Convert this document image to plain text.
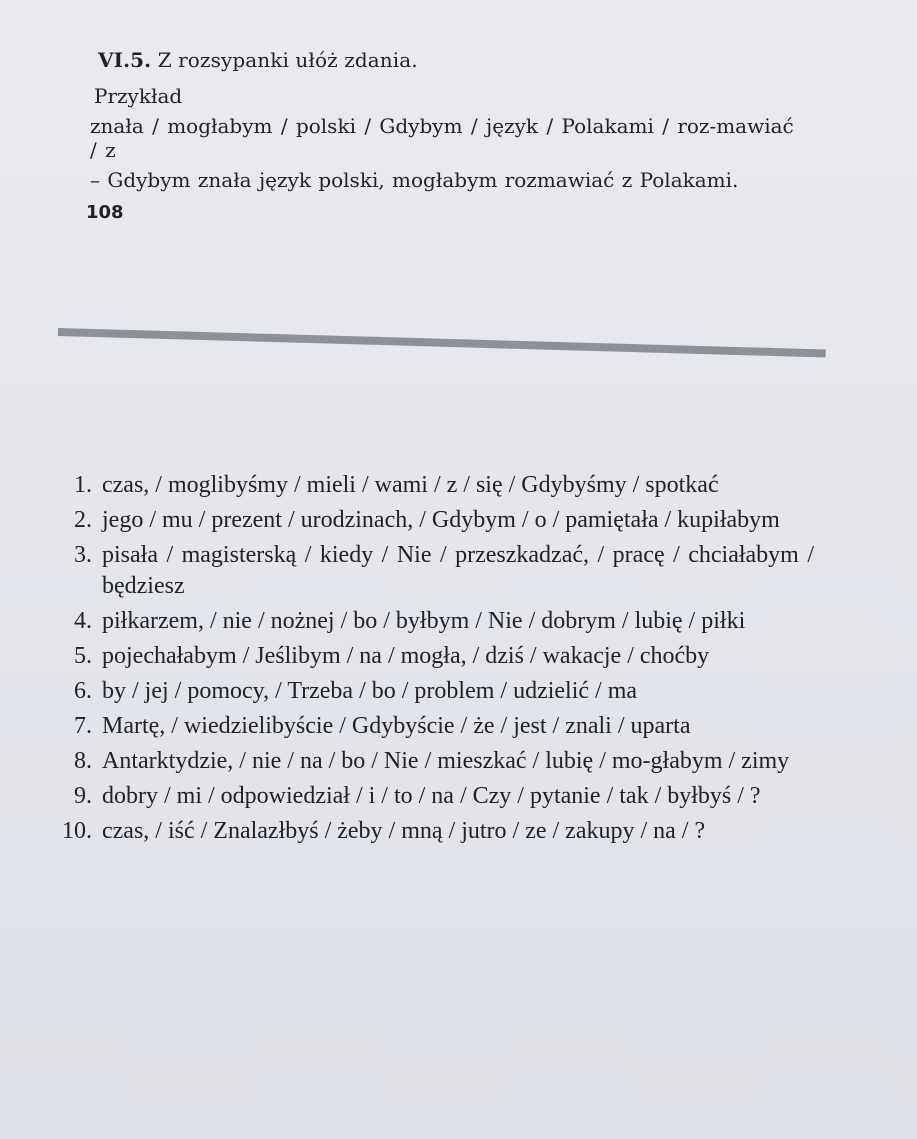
VI.5. Z rozsypanki ułóż zdania.
Przykład
znała / mogłabym / polski / Gdybym / język / Polakami / roz-mawiać / z
– Gdybym znała język polski, mogłabym rozmawiać z Polakami.
108
1. czas, / moglibyśmy / mieli / wami / z / się / Gdybyśmy / spotkać
2. jego / mu / prezent / urodzinach, / Gdybym / o / pamiętała / kupiłabym
3. pisała / magisterską / kiedy / Nie / przeszkadzać, / pracę / chciałabym / będziesz
4. piłkarzem, / nie / nożnej / bo / byłbym / Nie / dobrym / lubię / piłki
5. pojechałabym / Jeślibym / na / mogła, / dziś / wakacje / choćby
6. by / jej / pomocy, / Trzeba / bo / problem / udzielić / ma
7. Martę, / wiedzielibyście / Gdybyście / że / jest / znali / uparta
8. Antarktydzie, / nie / na / bo / Nie / mieszkać / lubię / mo-głabym / zimy
9. dobry / mi / odpowiedział / i / to / na / Czy / pytanie / tak / byłbyś / ?
10. czas, / iść / Znalazłbyś / żeby / mną / jutro / ze / zakupy / na / ?
